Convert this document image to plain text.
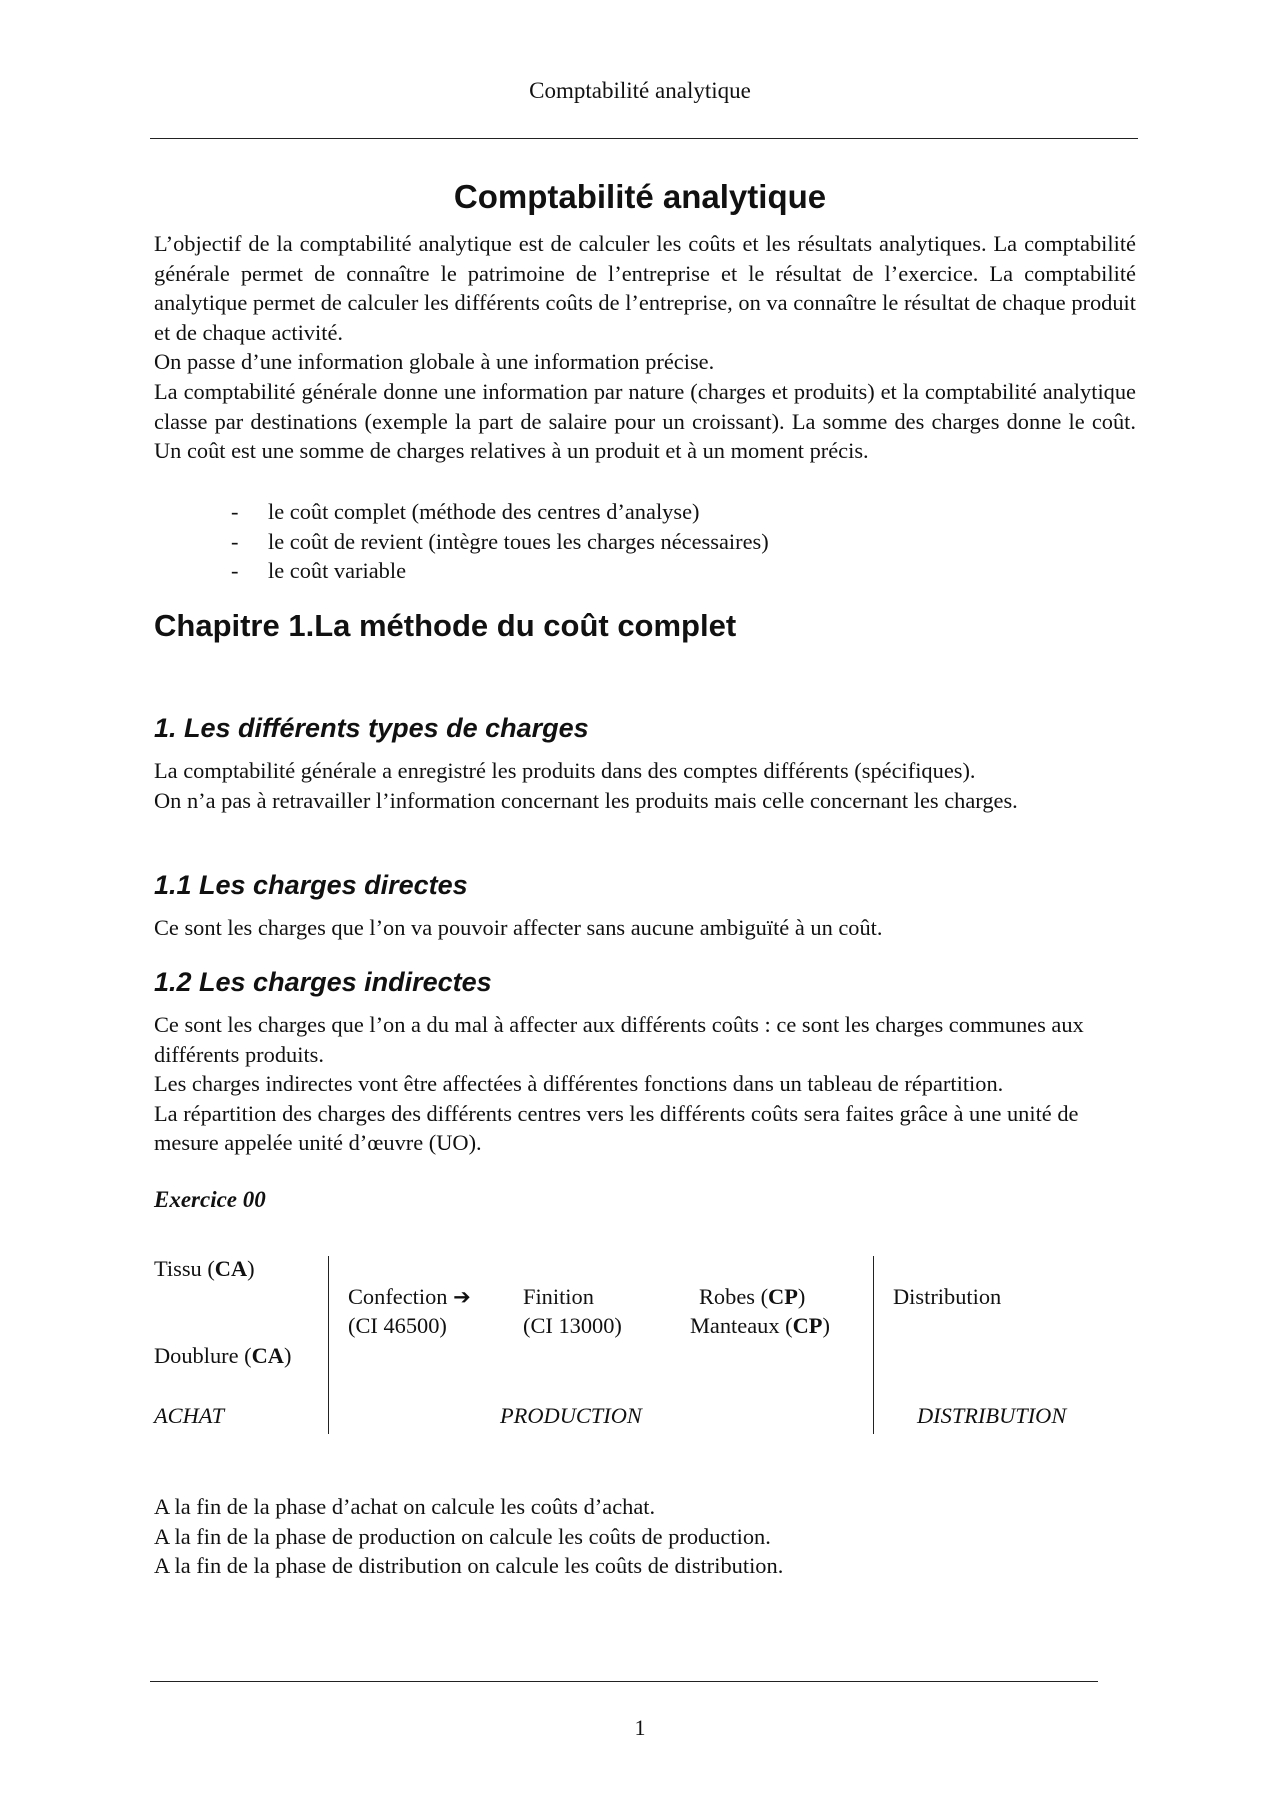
Comptabilité analytique
Comptabilité analytique

L’objectif de la comptabilité analytique est de calculer les coûts et les résultats analytiques. La comptabilité générale permet de connaître le patrimoine de l’entreprise et le résultat de l’exercice. La comptabilité analytique permet de calculer les différents coûts de l’entreprise, on va connaître le résultat de chaque produit et de chaque activité.

On passe d’une information globale à une information précise.

La comptabilité générale donne une information par nature (charges et produits) et la comptabilité analytique classe par destinations (exemple la part de salaire pour un croissant). La somme des charges donne le coût. Un coût est une somme de charges relatives à un produit et à un moment précis.

- le coût complet (méthode des centres d’analyse)
- le coût de revient (intègre toues les charges nécessaires)
- le coût variable
Chapitre 1.La méthode du coût complet
1. Les différents types de charges

La comptabilité générale a enregistré les produits dans des comptes différents (spécifiques).

On n’a pas à retravailler l’information concernant les produits mais celle concernant les charges.

1.1 Les charges directes

Ce sont les charges que l’on va pouvoir affecter sans aucune ambiguïté à un coût.

1.2 Les charges indirectes

Ce sont les charges que l’on a du mal à affecter aux différents coûts : ce sont les charges communes aux différents produits.

Les charges indirectes vont être affectées à différentes fonctions dans un tableau de répartition.

La répartition des charges des différents centres vers les différents coûts sera faites grâce à une unité de mesure appelée unité d’œuvre (UO).

Exercice 00

Tissu (CA)
Doublure (CA)
Confection ➔
(CI 46500)
Finition
(CI 13000)
Robes (CP)
Manteaux (CP)
Distribution
ACHAT	PRODUCTION	DISTRIBUTION

A la fin de la phase d’achat on calcule les coûts d’achat.

A la fin de la phase de production on calcule les coûts de production.

A la fin de la phase de distribution on calcule les coûts de distribution.

1
